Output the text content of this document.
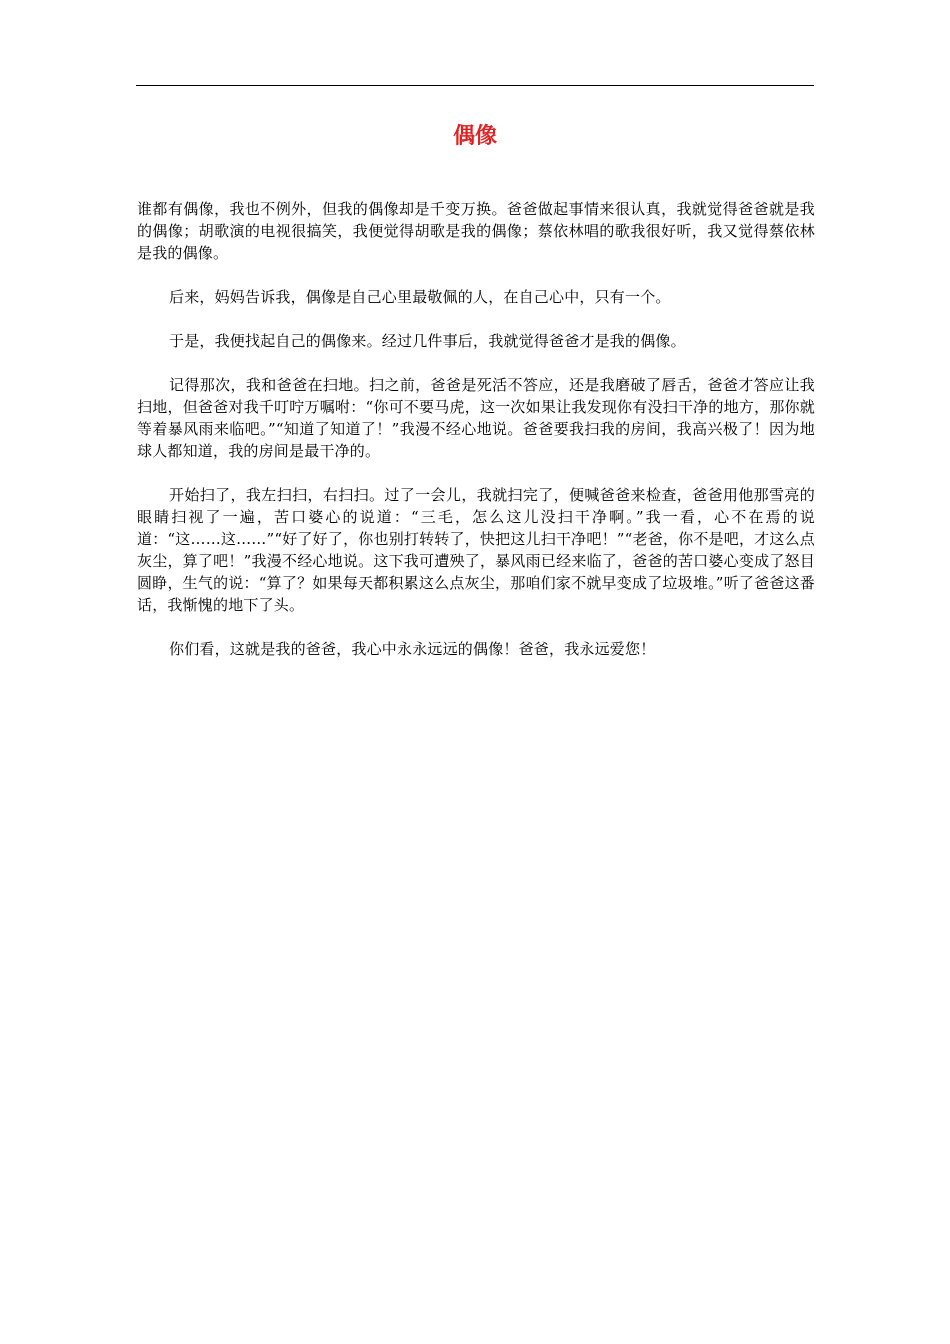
偶像

谁都有偶像，我也不例外，但我的偶像却是千变万换。爸爸做起事情来很认真，我就觉得爸爸就是我的偶像；胡歌演的电视很搞笑，我便觉得胡歌是我的偶像；蔡依林唱的歌我很好听，我又觉得蔡依林是我的偶像。

后来，妈妈告诉我，偶像是自己心里最敬佩的人，在自己心中，只有一个。

于是，我便找起自己的偶像来。经过几件事后，我就觉得爸爸才是我的偶像。

记得那次，我和爸爸在扫地。扫之前，爸爸是死活不答应，还是我磨破了唇舌，爸爸才答应让我扫地，但爸爸对我千叮咛万嘱咐：“你可不要马虎，这一次如果让我发现你有没扫干净的地方，那你就等着暴风雨来临吧。”“知道了知道了！”我漫不经心地说。爸爸要我扫我的房间，我高兴极了！因为地球人都知道，我的房间是最干净的。

开始扫了，我左扫扫，右扫扫。过了一会儿，我就扫完了，便喊爸爸来检查，爸爸用他那雪亮的眼睛扫视了一遍，苦口婆心的说道：“三毛，怎么这儿没扫干净啊。”我一看，心不在焉的说道：“这……这……”“好了好了，你也别打转转了，快把这儿扫干净吧！”“老爸，你不是吧，才这么点灰尘，算了吧！”我漫不经心地说。这下我可遭殃了，暴风雨已经来临了，爸爸的苦口婆心变成了怒目圆睁，生气的说：“算了？如果每天都积累这么点灰尘，那咱们家不就早变成了垃圾堆。”听了爸爸这番话，我惭愧的地下了头。

你们看，这就是我的爸爸，我心中永永远远的偶像！爸爸，我永远爱您！
